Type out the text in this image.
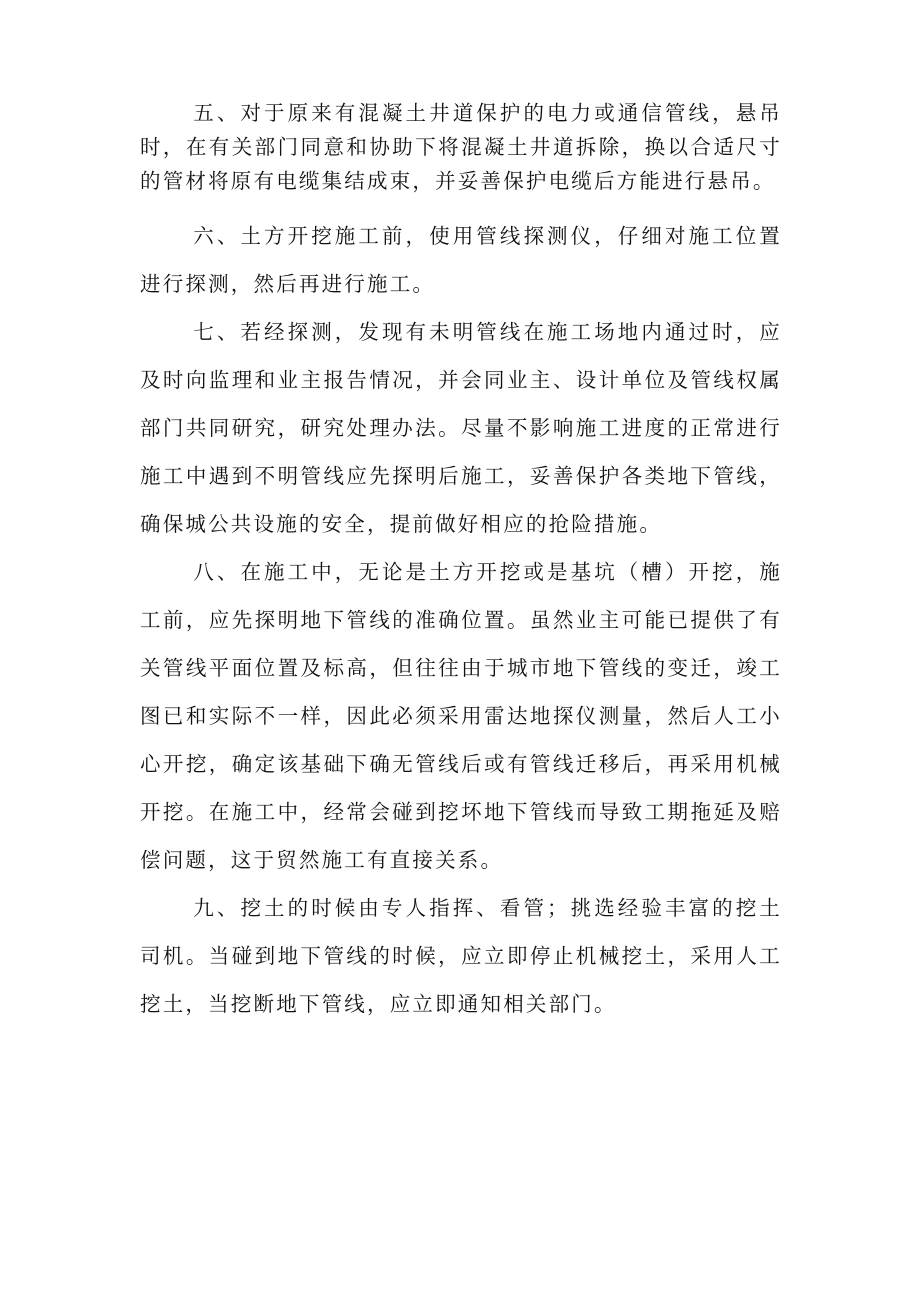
五、对于原来有混凝土井道保护的电力或通信管线，悬吊时，在有关部门同意和协助下将混凝土井道拆除，换以合适尺寸的管材将原有电缆集结成束，并妥善保护电缆后方能进行悬吊。

六、土方开挖施工前，使用管线探测仪，仔细对施工位置进行探测，然后再进行施工。

七、若经探测，发现有未明管线在施工场地内通过时，应及时向监理和业主报告情况，并会同业主、设计单位及管线权属部门共同研究，研究处理办法。尽量不影响施工进度的正常进行施工中遇到不明管线应先探明后施工，妥善保护各类地下管线，确保城公共设施的安全，提前做好相应的抢险措施。

八、在施工中，无论是土方开挖或是基坑（槽）开挖，施工前，应先探明地下管线的准确位置。虽然业主可能已提供了有关管线平面位置及标高，但往往由于城市地下管线的变迁，竣工图已和实际不一样，因此必须采用雷达地探仪测量，然后人工小心开挖，确定该基础下确无管线后或有管线迁移后，再采用机械开挖。在施工中，经常会碰到挖坏地下管线而导致工期拖延及赔偿问题，这于贸然施工有直接关系。

九、挖土的时候由专人指挥、看管；挑选经验丰富的挖土司机。当碰到地下管线的时候，应立即停止机械挖土，采用人工挖土，当挖断地下管线，应立即通知相关部门。
